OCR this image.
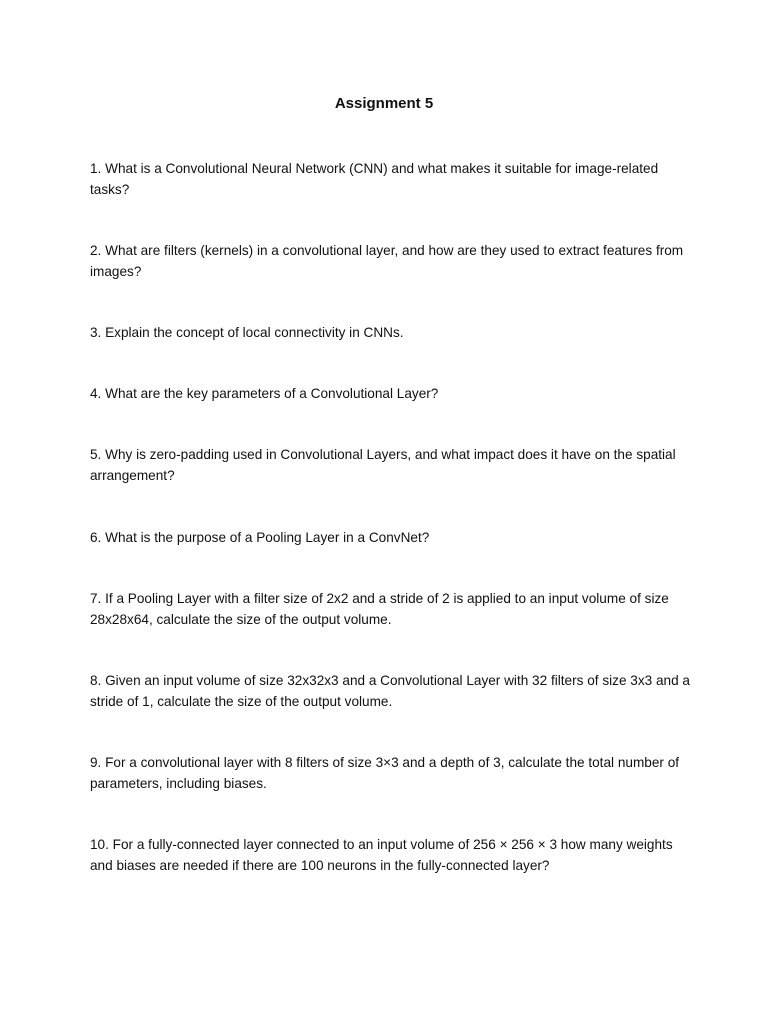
Assignment 5
1. What is a Convolutional Neural Network (CNN) and what makes it suitable for image-related tasks?
2. What are filters (kernels) in a convolutional layer, and how are they used to extract features from images?
3. Explain the concept of local connectivity in CNNs.
4. What are the key parameters of a Convolutional Layer?
5. Why is zero-padding used in Convolutional Layers, and what impact does it have on the spatial arrangement?
6. What is the purpose of a Pooling Layer in a ConvNet?
7. If a Pooling Layer with a filter size of 2x2 and a stride of 2 is applied to an input volume of size 28x28x64, calculate the size of the output volume.
8. Given an input volume of size 32x32x3 and a Convolutional Layer with 32 filters of size 3x3 and a stride of 1, calculate the size of the output volume.
9. For a convolutional layer with 8 filters of size 3×3 and a depth of 3, calculate the total number of parameters, including biases.
10. For a fully-connected layer connected to an input volume of 256 × 256 × 3 how many weights and biases are needed if there are 100 neurons in the fully-connected layer?
